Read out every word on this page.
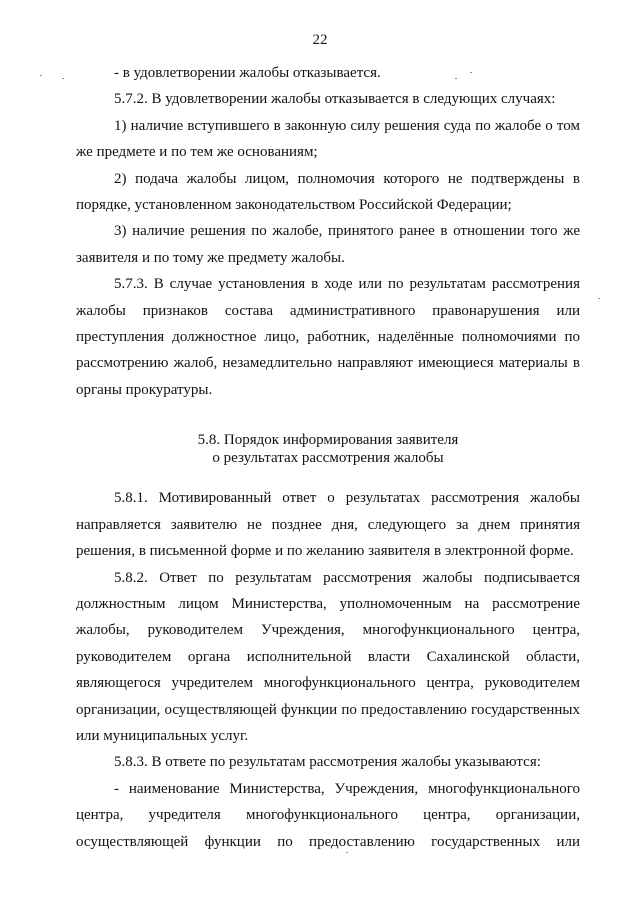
22

- в удовлетворении жалобы отказывается.

5.7.2. В удовлетворении жалобы отказывается в следующих случаях:

1) наличие вступившего в законную силу решения суда по жалобе о том же предмете и по тем же основаниям;

2) подача жалобы лицом, полномочия которого не подтверждены в порядке, установленном законодательством Российской Федерации;

3) наличие решения по жалобе, принятого ранее в отношении того же заявителя и по тому же предмету жалобы.

5.7.3. В случае установления в ходе или по результатам рассмотрения жалобы признаков состава административного правонарушения или преступления должностное лицо, работник, наделённые полномочиями по рассмотрению жалоб, незамедлительно направляют имеющиеся материалы в органы прокуратуры.

5.8. Порядок информирования заявителя

о результатах рассмотрения жалобы

5.8.1. Мотивированный ответ о результатах рассмотрения жалобы направляется заявителю не позднее дня, следующего за днем принятия решения, в письменной форме и по желанию заявителя в электронной форме.

5.8.2. Ответ по результатам рассмотрения жалобы подписывается должностным лицом Министерства, уполномоченным на рассмотрение жалобы, руководителем Учреждения, многофункционального центра, руководителем органа исполнительной власти Сахалинской области, являющегося учредителем многофункционального центра, руководителем организации, осуществляющей функции по предоставлению государственных или муниципальных услуг.

5.8.3. В ответе по результатам рассмотрения жалобы указываются:

- наименование Министерства, Учреждения, многофункционального центра, учредителя многофункционального центра, организации, осуществляющей функции по предоставлению государственных или
